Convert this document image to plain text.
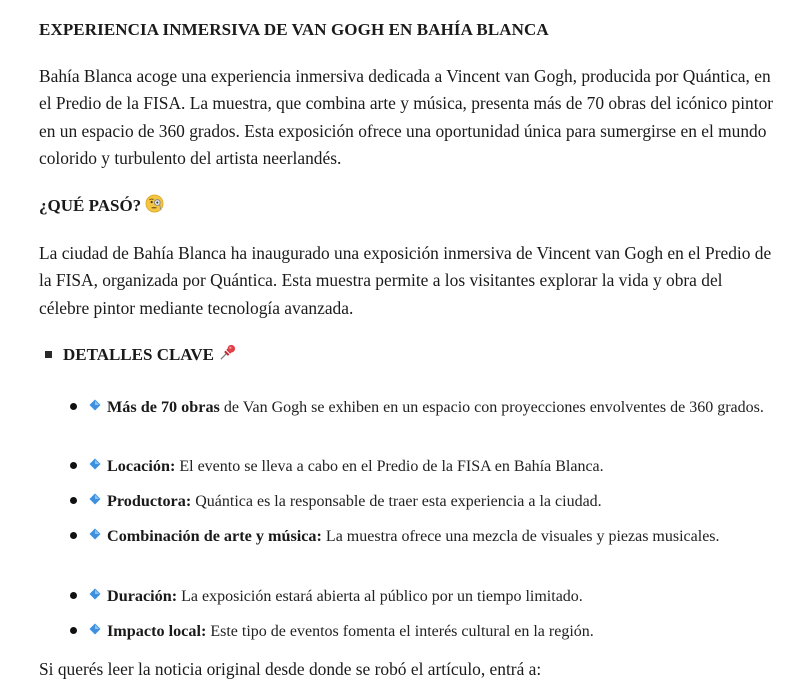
EXPERIENCIA INMERSIVA DE VAN GOGH EN BAHÍA BLANCA

Bahía Blanca acoge una experiencia inmersiva dedicada a Vincent van Gogh, producida por Quántica, en el Predio de la FISA. La muestra, que combina arte y música, presenta más de 70 obras del icónico pintor en un espacio de 360 grados. Esta exposición ofrece una oportunidad única para sumergirse en el mundo colorido y turbulento del artista neerlandés.

¿QUÉ PASÓ?

La ciudad de Bahía Blanca ha inaugurado una exposición inmersiva de Vincent van Gogh en el Predio de la FISA, organizada por Quántica. Esta muestra permite a los visitantes explorar la vida y obra del célebre pintor mediante tecnología avanzada.

DETALLES CLAVE
Más de 70 obras de Van Gogh se exhiben en un espacio con proyecciones envolventes de 360 grados.
Locación: El evento se lleva a cabo en el Predio de la FISA en Bahía Blanca.
Productora: Quántica es la responsable de traer esta experiencia a la ciudad.
Combinación de arte y música: La muestra ofrece una mezcla de visuales y piezas musicales.
Duración: La exposición estará abierta al público por un tiempo limitado.
Impacto local: Este tipo de eventos fomenta el interés cultural en la región.

Si querés leer la noticia original desde donde se robó el artículo, entrá a:
